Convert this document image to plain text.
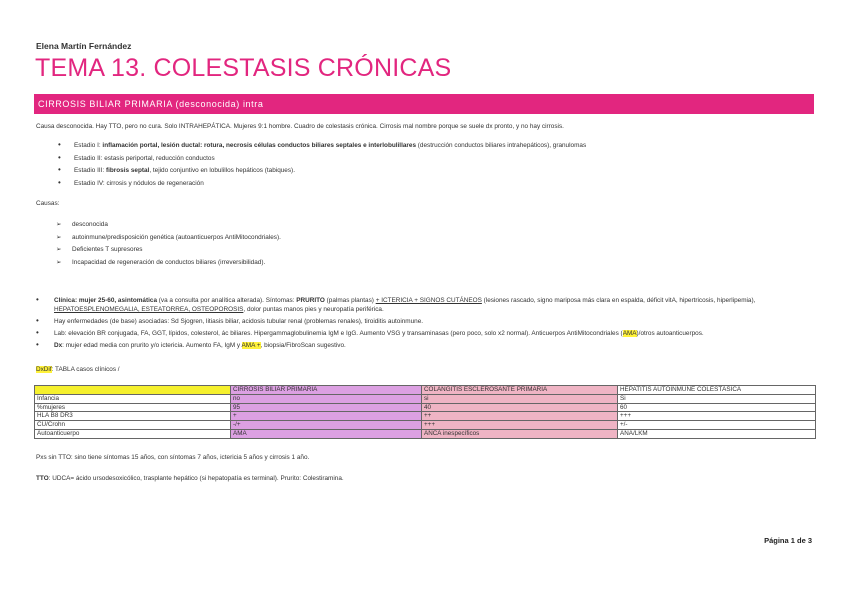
Elena Martín Fernández
TEMA 13. COLESTASIS CRÓNICAS
CIRROSIS BILIAR PRIMARIA (desconocida) intra
Causa desconocida. Hay TTO, pero no cura. Solo INTRAHEPÁTICA. Mujeres 9:1 hombre. Cuadro de colestasis crónica. Cirrosis mal nombre porque se suele dx pronto, y no hay cirrosis.
• Estadio I: inflamación portal, lesión ductal: rotura, necrosis células conductos biliares septales e interlobulillares (destrucción conductos biliares intrahepáticos), granulomas
• Estadio II: estasis periportal, reducción conductos
• Estadio III: fibrosis septal, tejido conjuntivo en lobulillos hepáticos (tabiques).
• Estadio IV: cirrosis y nódulos de regeneración
Causas:
➢ desconocida
➢ autoinmune/predisposición genética (autoanticuerpos AntiMitocondriales).
➢ Deficientes T supresores
➢ Incapacidad de regeneración de conductos biliares (irreversibilidad).
• Clínica: mujer 25-60, asintomática (va a consulta por analítica alterada). Síntomas: PRURITO (palmas plantas) + ICTERICIA + SIGNOS CUTÁNEOS (lesiones rascado, signo mariposa más clara en espalda, déficit vitA, hipertricosis, hiperlipemia), HEPATOESPLENOMEGALIA, ESTEATORREA, OSTEOPOROSIS, dolor puntas manos pies y neuropatía periférica.
• Hay enfermedades (de base) asociadas: Sd Sjogren, litiasis biliar, acidosis tubular renal (problemas renales), tiroiditis autoinmune.
• Lab: elevación BR conjugada, FA, GGT, lípidos, colesterol, ác biliares. Hipergammaglobulinemia IgM e IgG. Aumento VSG y transaminasas (pero poco, solo x2 normal). Anticuerpos AntiMitocondriales (AMA)/otros autoanticuerpos.
• Dx: mujer edad media con prurito y/o ictericia. Aumento FA, IgM y AMA +, biopsia/FibroScan sugestivo.
DxDif: TABLA casos clínicos /
	CIRROSIS BILIAR PRIMARIA	COLANGITIS ESCLEROSANTE PRIMARIA	HEPATITIS AUTOINMUNE COLESTÁSICA
Infancia	no	si	Si
%mujeres	95	40	60
HLA B8 DR3	+	++	+++
CU/Crohn	-/+	+++	+/-
Autoanticuerpo	AMA	ANCA inespecíficos	ANA/LKM
Pxs sin TTO: sino tiene síntomas 15 años, con síntomas 7 años, ictericia 5 años y cirrosis 1 año.
TTO: UDCA= ácido ursodesoxicólico, trasplante hepático (si hepatopatía es terminal). Prurito: Colestiramina.
Página 1 de 3
